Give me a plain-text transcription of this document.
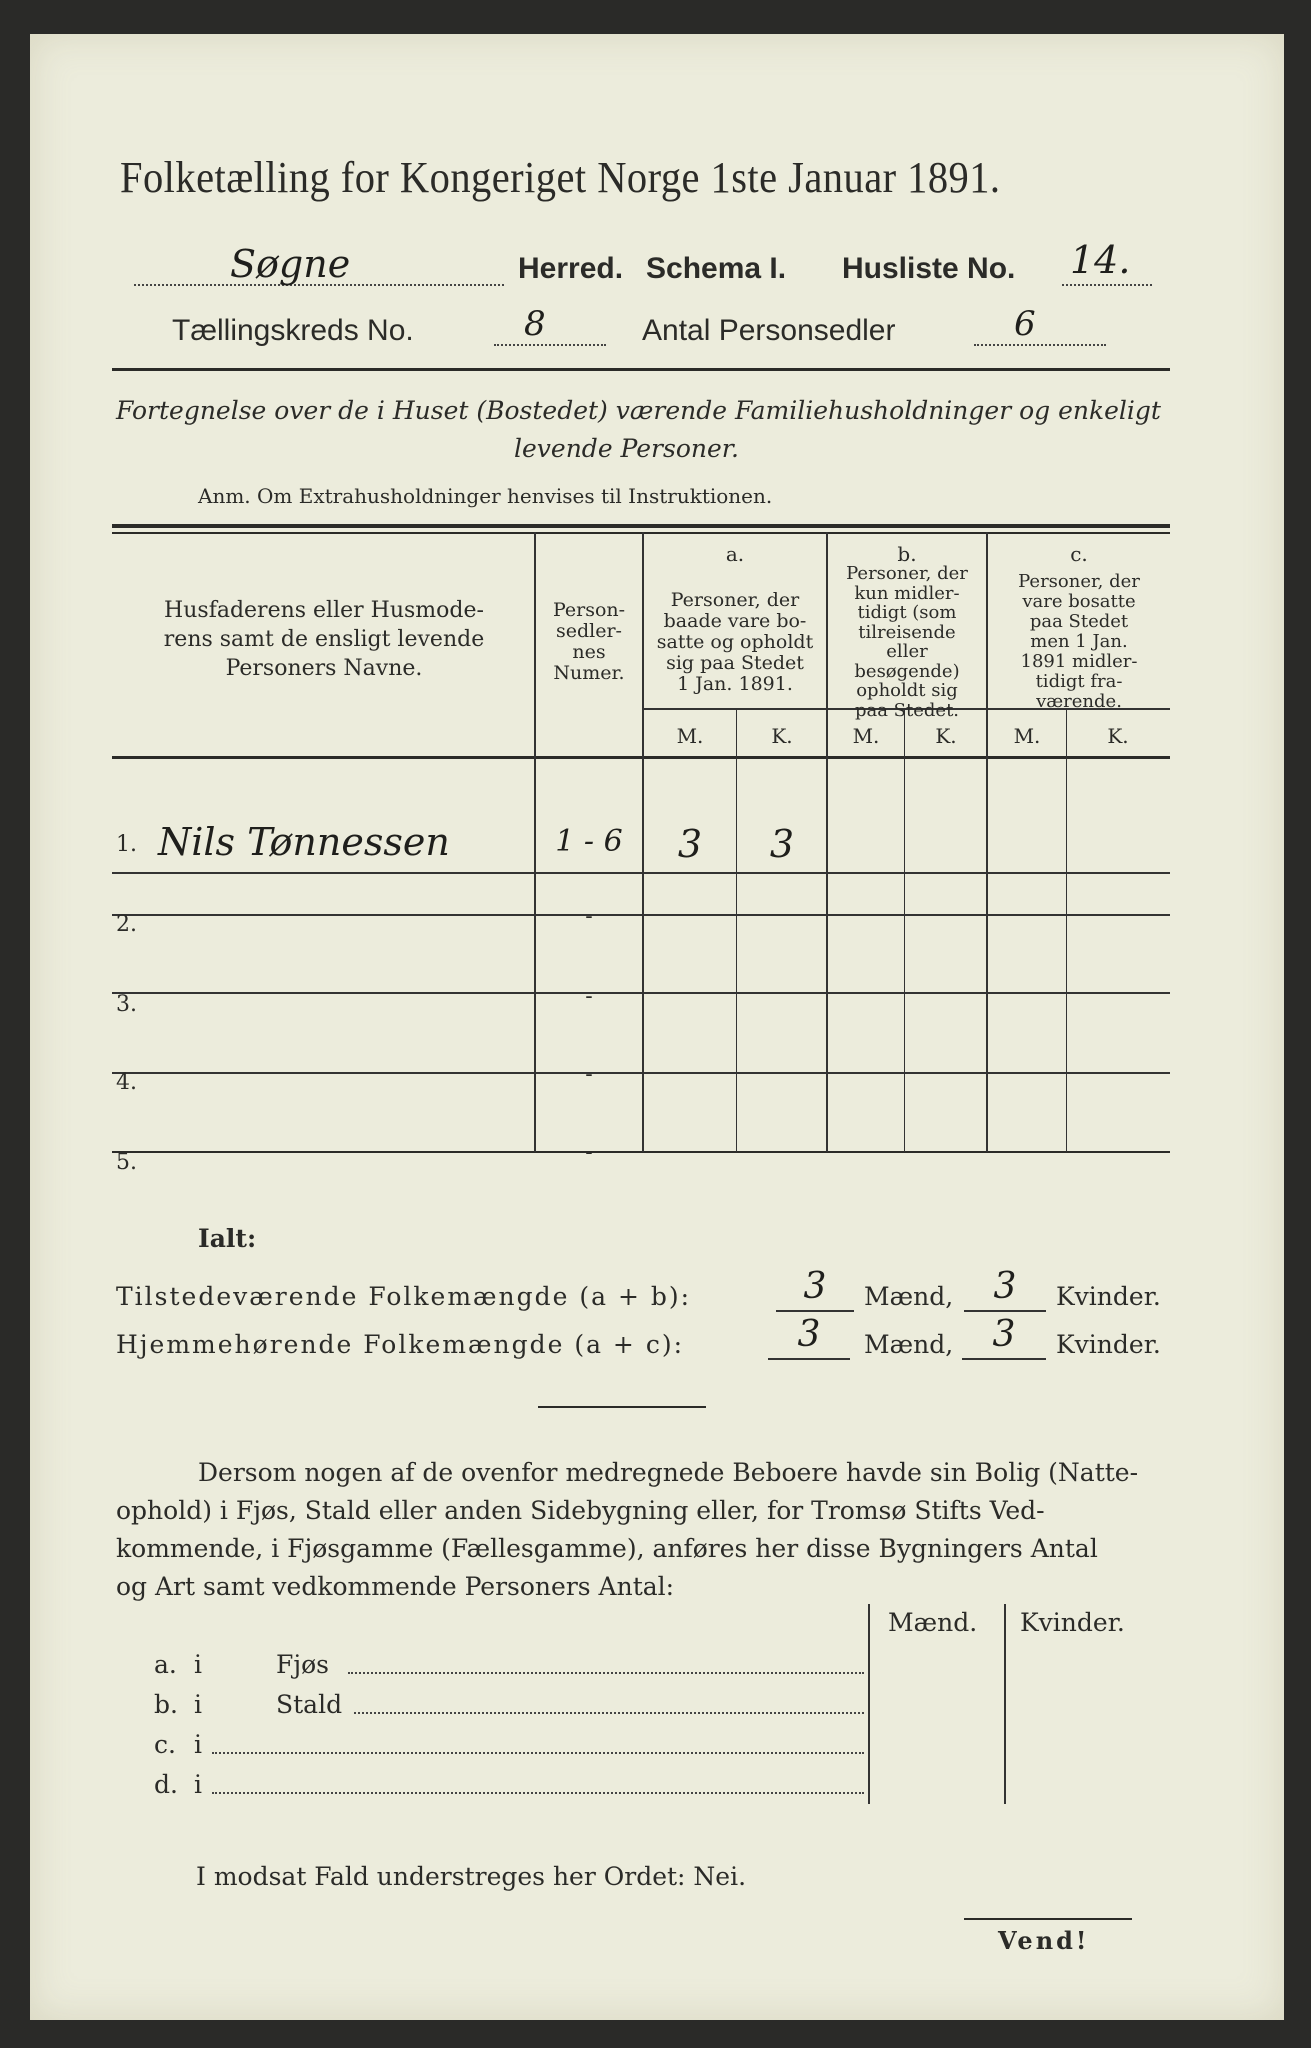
Folketælling for Kongeriget Norge 1ste Januar 1891.
Søgne	Herred. Schema I. Husliste No. 14.
Tællingskreds No.	8	Antal Personsedler	6
Fortegnelse over de i Huset (Bostedet) værende Familiehusholdninger og enkeligt
levende Personer.
Anm. Om Extrahusholdninger henvises til Instruktionen.
Husfaderens eller Husmode-
rens samt de ensligt levende
Personers Navne.
Person-
sedler-
nes
Numer.
a.
Personer, der
baade vare bo-
satte og opholdt
sig paa Stedet
1 Jan. 1891.
b.
Personer, der
kun midler-
tidigt (som
tilreisende
eller
besøgende)
opholdt sig
paa Stedet.
c.
Personer, der
vare bosatte
paa Stedet
men 1 Jan.
1891 midler-
tidigt fra-
værende.
M.	K.	M.	K.	M.	K.
1. Nils Tønnessen	1 - 6	3	3
2.	-
3.	-
4.	-
5.	-
Ialt:
Tilstedeværende Folkemængde (a + b):	3	Mænd,	3	Kvinder.
Hjemmehørende Folkemængde (a + c):	3	Mænd,	3	Kvinder.
Dersom nogen af de ovenfor medregnede Beboere havde sin Bolig (Natte-
ophold) i Fjøs, Stald eller anden Sidebygning eller, for Tromsø Stifts Ved-
kommende, i Fjøsgamme (Fællesgamme), anføres her disse Bygningers Antal
og Art samt vedkommende Personers Antal:
Mænd. Kvinder.
a. i	Fjøs
b. i	Stald
c. i
d. i
I modsat Fald understreges her Ordet: Nei.
Vend!
